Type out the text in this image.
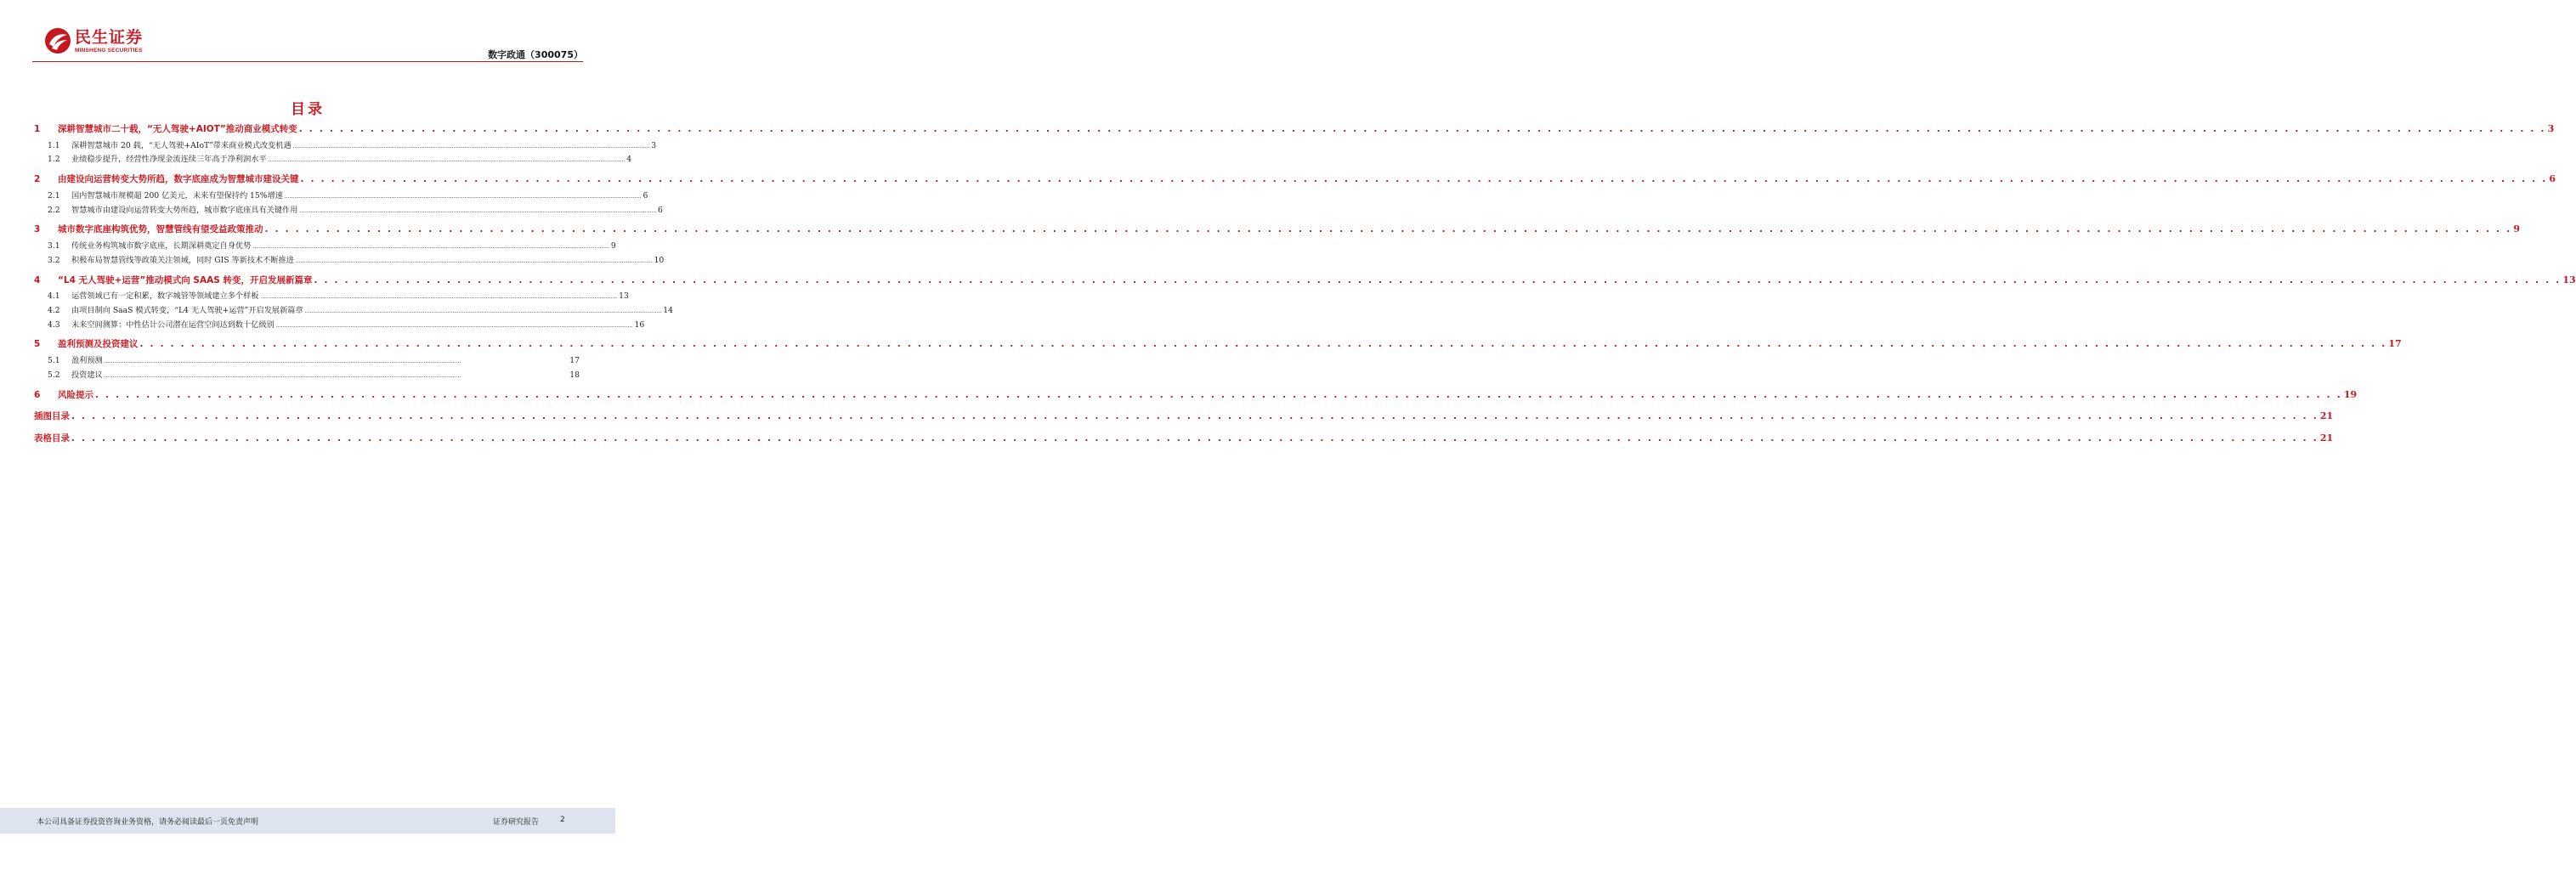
民生证券
MINSHENG SECURITIES	数字政通（300075）
目录
1	深耕智慧城市二十载，“无人驾驶+AIOT”推动商业模式转变 . . . . . . . . . . . . . . . . . . . . . . . . . . . . . . . . . . . . . . . . . . . . . . . . . . . . . . . . . . . . . . . . . . . . . . . . . . . . . . . . . . . . . . . . . . . . . . . . . . . . . . . . . . . . . . . . . . . . . . . . . . . . . . . . . . . . . . . . . . . . . . . . . . . . . . . . . . . . . . . . . . . . . . . . . . . . . . . . . . . . . . . . . . . . . . . . . . . . . . . . . . . . . . . . . . . . . . . . . . . . 3
1.1	深耕智慧城市 20 载，“无人驾驶+AIoT”带来商业模式改变机遇 ............................................................................................................................................................................................................................ 3
1.2	业绩稳步提升，经营性净现金流连续三年高于净利润水平 ............................................................................................................................................................................................................................ 4
2	由建设向运营转变大势所趋，数字底座成为智慧城市建设关键 . . . . . . . . . . . . . . . . . . . . . . . . . . . . . . . . . . . . . . . . . . . . . . . . . . . . . . . . . . . . . . . . . . . . . . . . . . . . . . . . . . . . . . . . . . . . . . . . . . . . . . . . . . . . . . . . . . . . . . . . . . . . . . . . . . . . . . . . . . . . . . . . . . . . . . . . . . . . . . . . . . . . . . . . . . . . . . . . . . . . . . . . . . . . . . . . . . . . . . . . . . . . . . . . . . . . . . . . . . . . 6
2.1	国内智慧城市规模超 200 亿美元，未来有望保持约 15%增速 ............................................................................................................................................................................................................................ 6
2.2	智慧城市由建设向运营转变大势所趋，城市数字底座具有关键作用 ............................................................................................................................................................................................................................ 6
3	城市数字底座构筑优势，智慧管线有望受益政策推动 . . . . . . . . . . . . . . . . . . . . . . . . . . . . . . . . . . . . . . . . . . . . . . . . . . . . . . . . . . . . . . . . . . . . . . . . . . . . . . . . . . . . . . . . . . . . . . . . . . . . . . . . . . . . . . . . . . . . . . . . . . . . . . . . . . . . . . . . . . . . . . . . . . . . . . . . . . . . . . . . . . . . . . . . . . . . . . . . . . . . . . . . . . . . . . . . . . . . . . . . . . . . . . . . . . . . . . . . . . . . 9
3.1	传统业务构筑城市数字底座，长期深耕奠定自身优势 ............................................................................................................................................................................................................................ 9
3.2	积极布局智慧管线等政策关注领域，同时 GIS 等新技术不断推进 ............................................................................................................................................................................................................................ 10
4	“L4 无人驾驶+运营”推动模式向 SAAS 转变，开启发展新篇章 . . . . . . . . . . . . . . . . . . . . . . . . . . . . . . . . . . . . . . . . . . . . . . . . . . . . . . . . . . . . . . . . . . . . . . . . . . . . . . . . . . . . . . . . . . . . . . . . . . . . . . . . . . . . . . . . . . . . . . . . . . . . . . . . . . . . . . . . . . . . . . . . . . . . . . . . . . . . . . . . . . . . . . . . . . . . . . . . . . . . . . . . . . . . . . . . . . . . . . . . . . . . . . . . . . . . . . . . . . . . 13
4.1	运营领域已有一定积累，数字城管等领域建立多个样板 ............................................................................................................................................................................................................................ 13
4.2	由项目制向 SaaS 模式转变，“L4 无人驾驶+运营”开启发展新篇章 ............................................................................................................................................................................................................................ 14
4.3	未来空间测算：中性估计公司潜在运营空间达到数十亿级别 ............................................................................................................................................................................................................................ 16
5	盈利预测及投资建议 . . . . . . . . . . . . . . . . . . . . . . . . . . . . . . . . . . . . . . . . . . . . . . . . . . . . . . . . . . . . . . . . . . . . . . . . . . . . . . . . . . . . . . . . . . . . . . . . . . . . . . . . . . . . . . . . . . . . . . . . . . . . . . . . . . . . . . . . . . . . . . . . . . . . . . . . . . . . . . . . . . . . . . . . . . . . . . . . . . . . . . . . . . . . . . . . . . . . . . . . . . . . . . . . . . . . . . . . . . . . 17
5.1	盈利预测 ............................................................................................................................................................................................................................	17
5.2	投资建议 ............................................................................................................................................................................................................................	18
6	风险提示 . . . . . . . . . . . . . . . . . . . . . . . . . . . . . . . . . . . . . . . . . . . . . . . . . . . . . . . . . . . . . . . . . . . . . . . . . . . . . . . . . . . . . . . . . . . . . . . . . . . . . . . . . . . . . . . . . . . . . . . . . . . . . . . . . . . . . . . . . . . . . . . . . . . . . . . . . . . . . . . . . . . . . . . . . . . . . . . . . . . . . . . . . . . . . . . . . . . . . . . . . . . . . . . . . . . . . . . . . . . . 19
插图目录 . . . . . . . . . . . . . . . . . . . . . . . . . . . . . . . . . . . . . . . . . . . . . . . . . . . . . . . . . . . . . . . . . . . . . . . . . . . . . . . . . . . . . . . . . . . . . . . . . . . . . . . . . . . . . . . . . . . . . . . . . . . . . . . . . . . . . . . . . . . . . . . . . . . . . . . . . . . . . . . . . . . . . . . . . . . . . . . . . . . . . . . . . . . . . . . . . . . . . . . . . . . . . . . . . . . . . . . . . . . . 21
表格目录 . . . . . . . . . . . . . . . . . . . . . . . . . . . . . . . . . . . . . . . . . . . . . . . . . . . . . . . . . . . . . . . . . . . . . . . . . . . . . . . . . . . . . . . . . . . . . . . . . . . . . . . . . . . . . . . . . . . . . . . . . . . . . . . . . . . . . . . . . . . . . . . . . . . . . . . . . . . . . . . . . . . . . . . . . . . . . . . . . . . . . . . . . . . . . . . . . . . . . . . . . . . . . . . . . . . . . . . . . . . . 21
本公司具备证券投资咨询业务资格，请务必阅读最后一页免责声明	证券研究报告	2
